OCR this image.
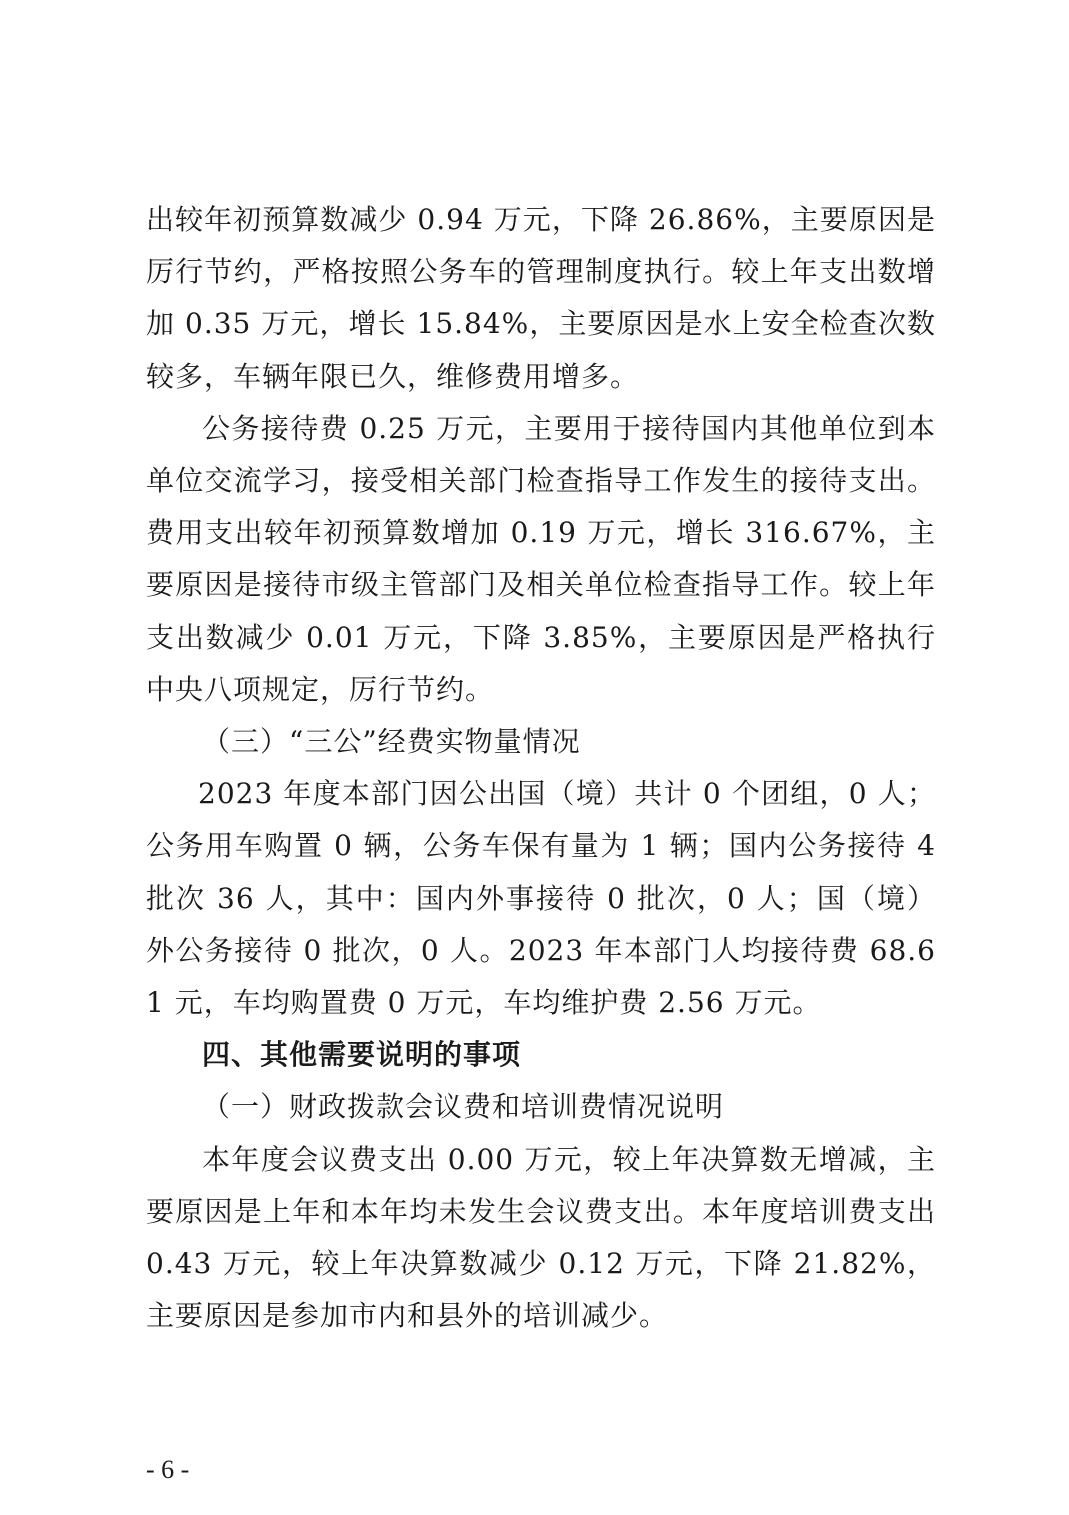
出较年初预算数减少 0.94 万元，下降 26.86%，主要原因是厉行节约，严格按照公务车的管理制度执行。较上年支出数增加 0.35 万元，增长 15.84%，主要原因是水上安全检查次数较多，车辆年限已久，维修费用增多。

公务接待费 0.25 万元，主要用于接待国内其他单位到本单位交流学习，接受相关部门检查指导工作发生的接待支出。费用支出较年初预算数增加 0.19 万元，增长 316.67%，主要原因是接待市级主管部门及相关单位检查指导工作。较上年支出数减少 0.01 万元，下降 3.85%，主要原因是严格执行中央八项规定，厉行节约。

（三）“三公”经费实物量情况

2023 年度本部门因公出国（境）共计 0 个团组，0 人；公务用车购置 0 辆，公务车保有量为 1 辆；国内公务接待 4 批次 36 人，其中：国内外事接待 0 批次，0 人；国（境）外公务接待 0 批次，0 人。2023 年本部门人均接待费 68.61 元，车均购置费 0 万元，车均维护费 2.56 万元。

四、其他需要说明的事项

（一）财政拨款会议费和培训费情况说明

本年度会议费支出 0.00 万元，较上年决算数无增减，主要原因是上年和本年均未发生会议费支出。本年度培训费支出 0.43 万元，较上年决算数减少 0.12 万元，下降 21.82%，主要原因是参加市内和县外的培训减少。

- 6 -
